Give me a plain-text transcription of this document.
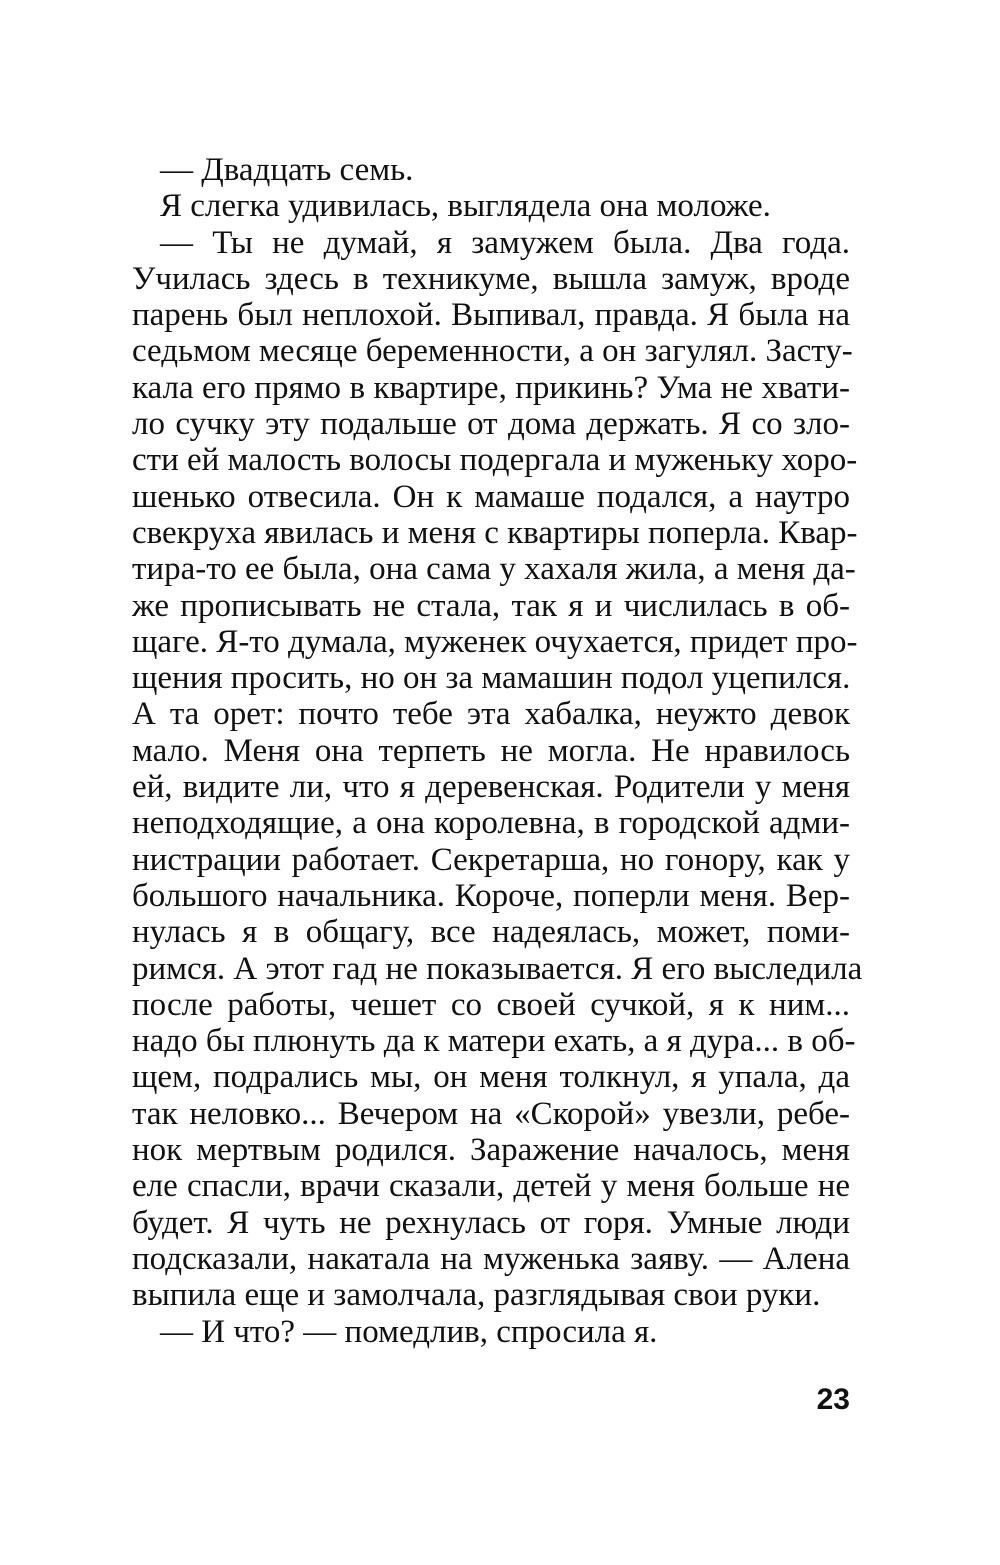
— Двадцать семь.
Я слегка удивилась, выглядела она моложе.
— Ты не думай, я замужем была. Два года.
Училась здесь в техникуме, вышла замуж, вроде
парень был неплохой. Выпивал, правда. Я была на
седьмом месяце беременности, а он загулял. Засту-
кала его прямо в квартире, прикинь? Ума не хвати-
ло сучку эту подальше от дома держать. Я со зло-
сти ей малость волосы подергала и муженьку хоро-
шенько отвесила. Он к мамаше подался, а наутро
свекруха явилась и меня с квартиры поперла. Квар-
тира-то ее была, она сама у хахаля жила, а меня да-
же прописывать не стала, так я и числилась в об-
щаге. Я-то думала, муженек очухается, придет про-
щения просить, но он за мамашин подол уцепился.
А та орет: почто тебе эта хабалка, неужто девок
мало. Меня она терпеть не могла. Не нравилось
ей, видите ли, что я деревенская. Родители у меня
неподходящие, а она королевна, в городской адми-
нистрации работает. Секретарша, но гонору, как у
большого начальника. Короче, поперли меня. Вер-
нулась я в общагу, все надеялась, может, поми-
римся. А этот гад не показывается. Я его выследила
после работы, чешет со своей сучкой, я к ним...
надо бы плюнуть да к матери ехать, а я дура... в об-
щем, подрались мы, он меня толкнул, я упала, да
так неловко... Вечером на «Скорой» увезли, ребе-
нок мертвым родился. Заражение началось, меня
еле спасли, врачи сказали, детей у меня больше не
будет. Я чуть не рехнулась от горя. Умные люди
подсказали, накатала на муженька заяву. — Алена
выпила еще и замолчала, разглядывая свои руки.
— И что? — помедлив, спросила я.
23
